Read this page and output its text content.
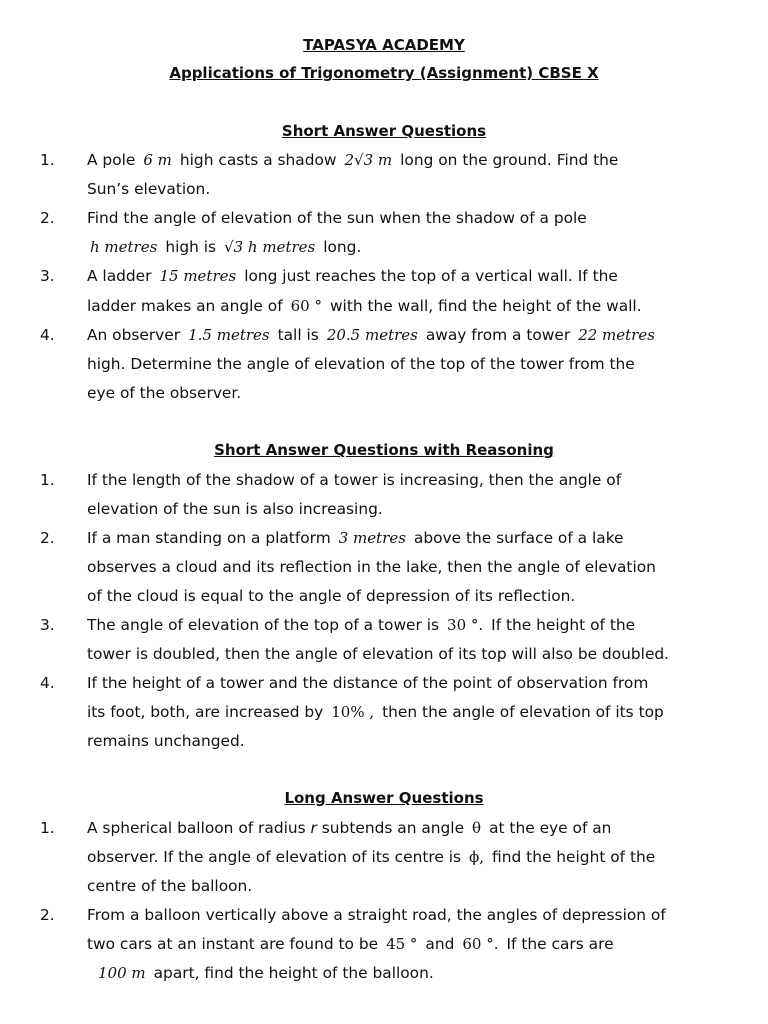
TAPASYA ACADEMY
Applications of Trigonometry (Assignment) CBSE X
Short Answer Questions
1. A pole 6 m high casts a shadow 2√3 m long on the ground. Find the
Sun’s elevation.
2. Find the angle of elevation of the sun when the shadow of a pole
h metres high is √3 h metres long.
3. A ladder 15 metres long just reaches the top of a vertical wall. If the
ladder makes an angle of 60 ° with the wall, find the height of the wall.
4. An observer 1.5 metres tall is 20.5 metres away from a tower 22 metres
high. Determine the angle of elevation of the top of the tower from the
eye of the observer.
Short Answer Questions with Reasoning
1. If the length of the shadow of a tower is increasing, then the angle of
elevation of the sun is also increasing.
2. If a man standing on a platform 3 metres above the surface of a lake
observes a cloud and its reflection in the lake, then the angle of elevation
of the cloud is equal to the angle of depression of its reflection.
3. The angle of elevation of the top of a tower is 30 °. If the height of the
tower is doubled, then the angle of elevation of its top will also be doubled.
4. If the height of a tower and the distance of the point of observation from
its foot, both, are increased by 10% , then the angle of elevation of its top
remains unchanged.
Long Answer Questions
1. A spherical balloon of radius r subtends an angle θ at the eye of an
observer. If the angle of elevation of its centre is ϕ, find the height of the
centre of the balloon.
2. From a balloon vertically above a straight road, the angles of depression of
two cars at an instant are found to be 45 ° and 60 °. If the cars are
100 m apart, find the height of the balloon.
